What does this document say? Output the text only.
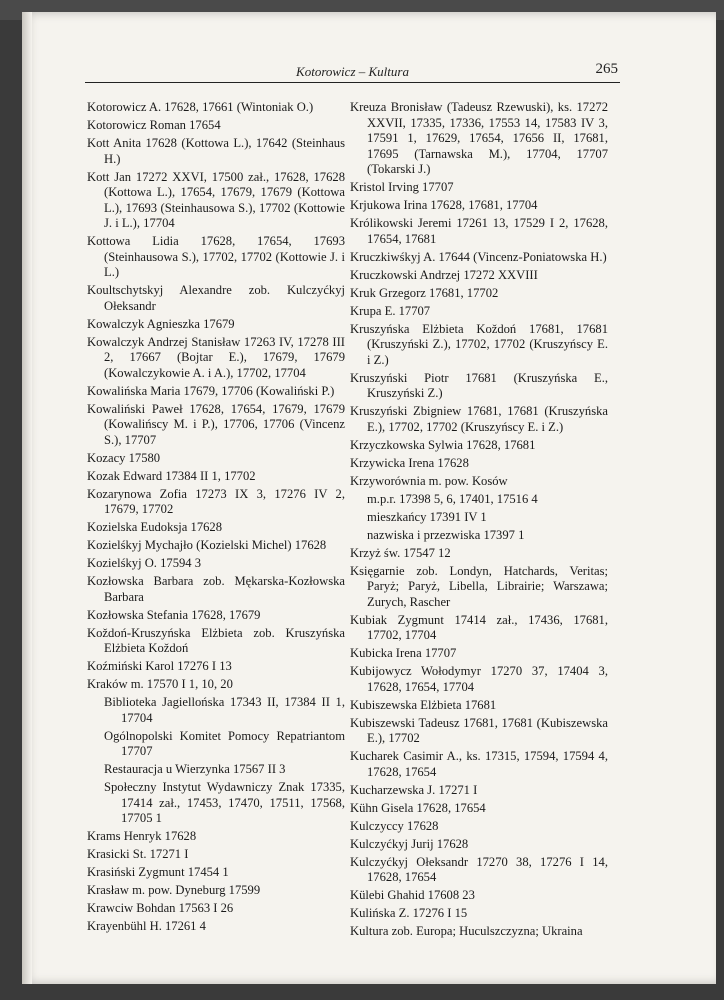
Kotorowicz – Kultura	265

Kotorowicz A. 17628, 17661 (Wintoniak O.)

Kotorowicz Roman 17654

Kott Anita 17628 (Kottowa L.), 17642 (Steinhaus H.)

Kott Jan 17272 XXVI, 17500 zał., 17628, 17628 (Kottowa L.), 17654, 17679, 17679 (Kottowa L.), 17693 (Steinhausowa S.), 17702 (Kottowie J. i L.), 17704

Kottowa Lidia 17628, 17654, 17693 (Steinhausowa S.), 17702, 17702 (Kottowie J. i L.)

Koultschytskyj Alexandre zob. Kulczyćkyj Ołeksandr

Kowalczyk Agnieszka 17679

Kowalczyk Andrzej Stanisław 17263 IV, 17278 III 2, 17667 (Bojtar E.), 17679, 17679 (Kowalczykowie A. i A.), 17702, 17704

Kowalińska Maria 17679, 17706 (Kowaliński P.)

Kowaliński Paweł 17628, 17654, 17679, 17679 (Kowalińscy M. i P.), 17706, 17706 (Vincenz S.), 17707

Kozacy 17580

Kozak Edward 17384 II 1, 17702

Kozarynowa Zofia 17273 IX 3, 17276 IV 2, 17679, 17702

Kozielska Eudoksja 17628

Kozielśkyj Mychajło (Kozielski Michel) 17628

Kozielśkyj O. 17594 3

Kozłowska Barbara zob. Mękarska-Kozłowska Barbara

Kozłowska Stefania 17628, 17679

Koždoń-Kruszyńska Elżbieta zob. Kruszyńska Elżbieta Koždoń

Koźmiński Karol 17276 I 13

Kraków m. 17570 I 1, 10, 20

Biblioteka Jagiellońska 17343 II, 17384 II 1, 17704

Ogólnopolski Komitet Pomocy Repatriantom 17707

Restauracja u Wierzynka 17567 II 3

Społeczny Instytut Wydawniczy Znak 17335, 17414 zał., 17453, 17470, 17511, 17568, 17705 1

Krams Henryk 17628

Krasicki St. 17271 I

Krasiński Zygmunt 17454 1

Krasław m. pow. Dyneburg 17599

Krawciw Bohdan 17563 I 26

Krayenbühl H. 17261 4

Kreuza Bronisław (Tadeusz Rzewuski), ks. 17272 XXVII, 17335, 17336, 17553 14, 17583 IV 3, 17591 1, 17629, 17654, 17656 II, 17681, 17695 (Tarnawska M.), 17704, 17707 (Tokarski J.)

Kristol Irving 17707

Krjukowa Irina 17628, 17681, 17704

Królikowski Jeremi 17261 13, 17529 I 2, 17628, 17654, 17681

Kruczkiwśkyj A. 17644 (Vincenz-Poniatowska H.)

Kruczkowski Andrzej 17272 XXVIII

Kruk Grzegorz 17681, 17702

Krupa E. 17707

Kruszyńska Elżbieta Koždoń 17681, 17681 (Kruszyński Z.), 17702, 17702 (Kruszyńscy E. i Z.)

Kruszyński Piotr 17681 (Kruszyńska E., Kruszyński Z.)

Kruszyński Zbigniew 17681, 17681 (Kruszyńska E.), 17702, 17702 (Kruszyńscy E. i Z.)

Krzyczkowska Sylwia 17628, 17681

Krzywicka Irena 17628

Krzyworównia m. pow. Kosów

m.p.r. 17398 5, 6, 17401, 17516 4

mieszkańcy 17391 IV 1

nazwiska i przezwiska 17397 1

Krzyż św. 17547 12

Księgarnie zob. Londyn, Hatchards, Veritas; Paryż; Paryż, Libella, Librairie; Warszawa; Zurych, Rascher

Kubiak Zygmunt 17414 zał., 17436, 17681, 17702, 17704

Kubicka Irena 17707

Kubijowycz Wołodymyr 17270 37, 17404 3, 17628, 17654, 17704

Kubiszewska Elżbieta 17681

Kubiszewski Tadeusz 17681, 17681 (Kubiszewska E.), 17702

Kucharek Casimir A., ks. 17315, 17594, 17594 4, 17628, 17654

Kucharzewska J. 17271 I

Kühn Gisela 17628, 17654

Kulczyccy 17628

Kulczyćkyj Jurij 17628

Kulczyćkyj Ołeksandr 17270 38, 17276 I 14, 17628, 17654

Külebi Ghahid 17608 23

Kulińska Z. 17276 I 15

Kultura zob. Europa; Huculszczyzna; Ukraina
